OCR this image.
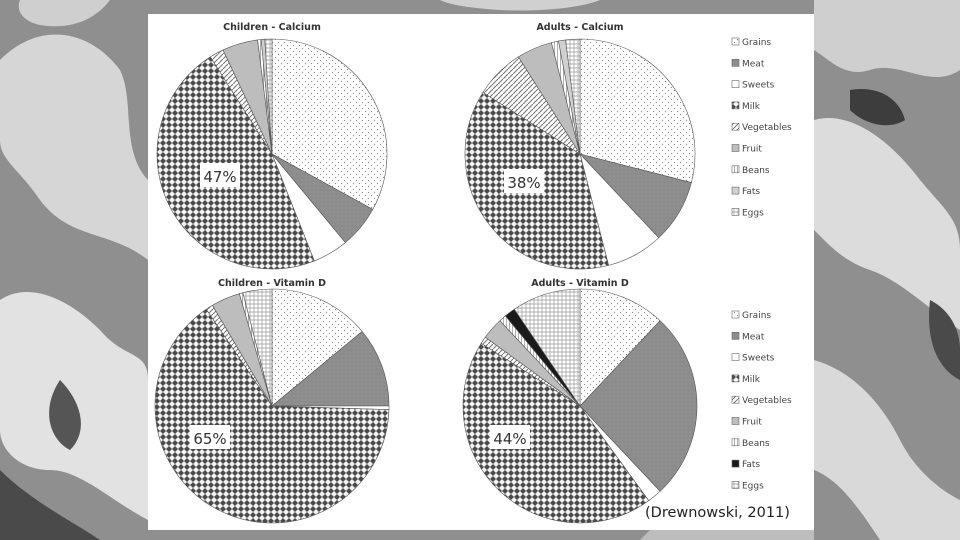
47%
Children - Calcium
38%
Adults - Calcium
65%
Children - Vitamin D
44%
Adults - Vitamin D
Grains
Meat
Sweets
Milk
Vegetables
Fruit
Beans
Fats
Eggs
Grains
Meat
Sweets
Milk
Vegetables
Fruit
Beans
Fats
Eggs
(Drewnowski, 2011)
